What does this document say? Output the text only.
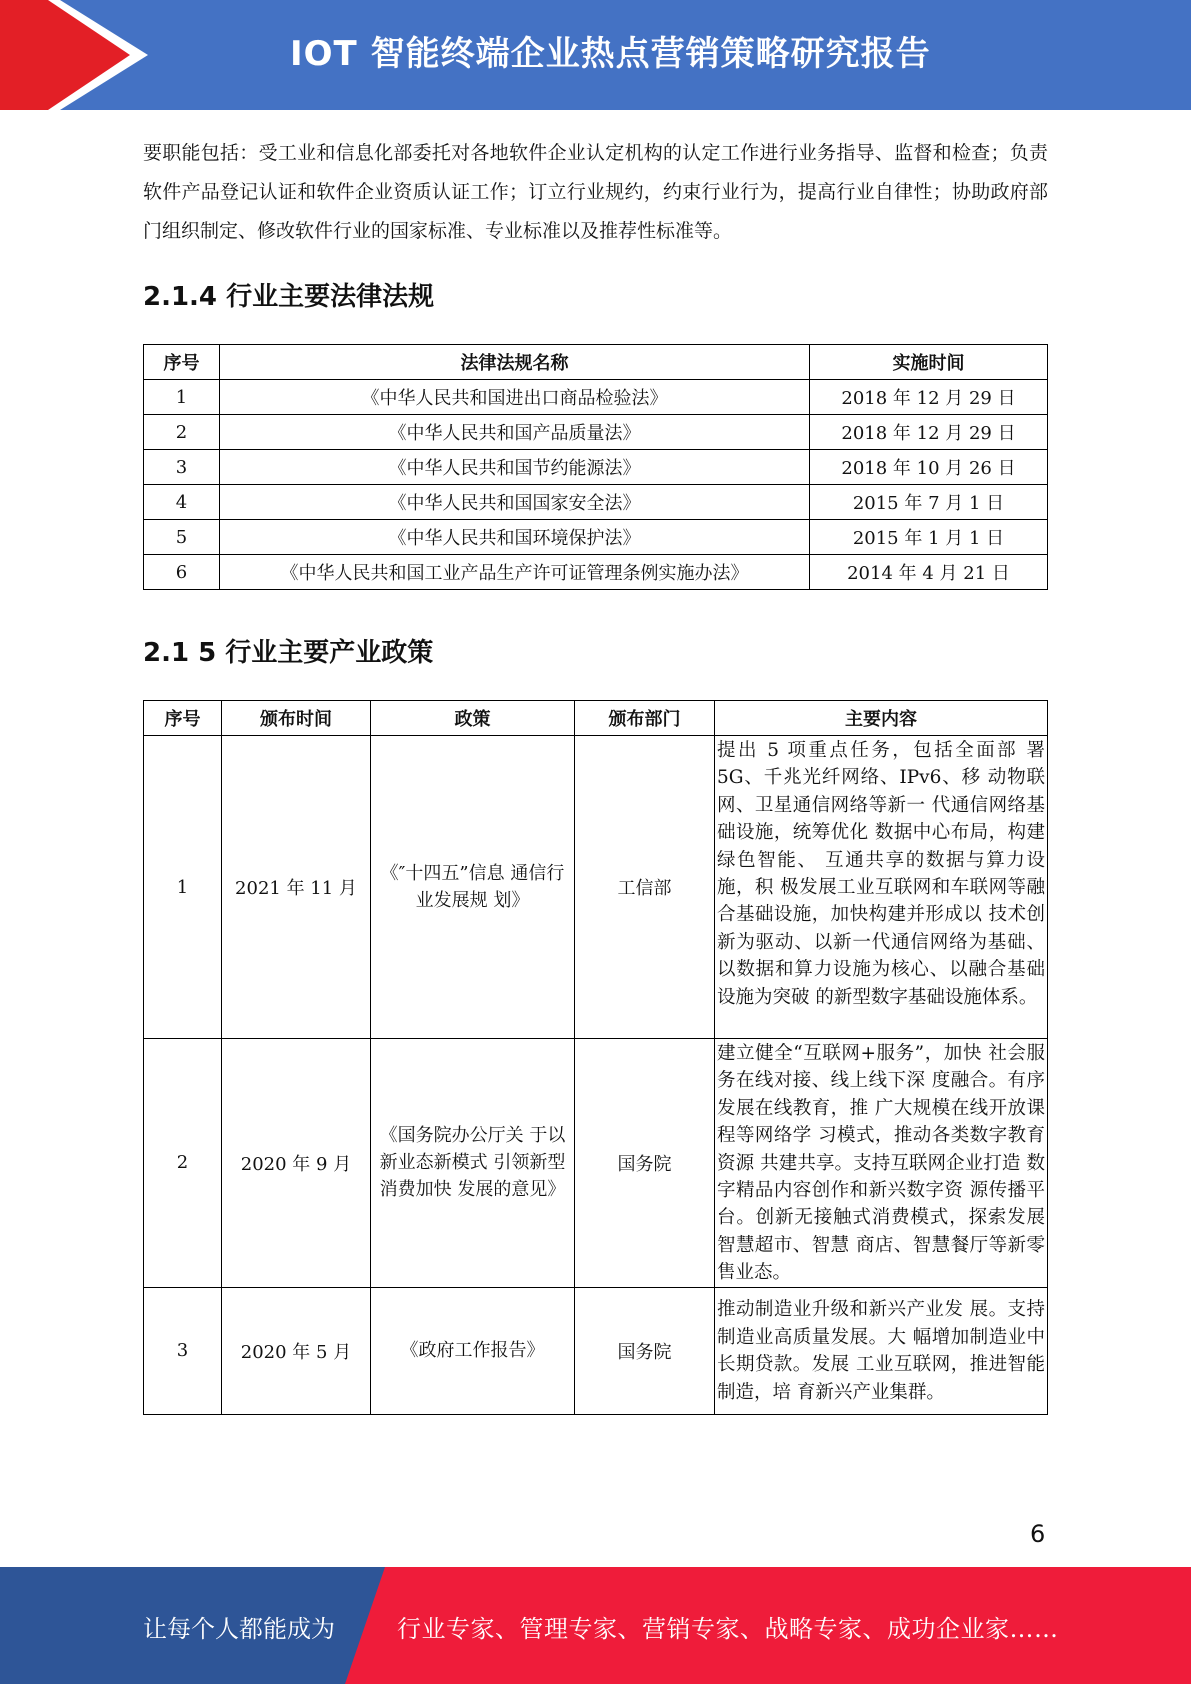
IOT 智能终端企业热点营销策略研究报告

要职能包括：受工业和信息化部委托对各地软件企业认定机构的认定工作进行业务指导、监督和检查；负责软件产品登记认证和软件企业资质认证工作；订立行业规约，约束行业行为，提高行业自律性；协助政府部门组织制定、修改软件行业的国家标准、专业标准以及推荐性标准等。

2.1.4 行业主要法律法规
序号	法律法规名称	实施时间
1	《中华人民共和国进出口商品检验法》	2018 年 12 月 29 日
2	《中华人民共和国产品质量法》	2018 年 12 月 29 日
3	《中华人民共和国节约能源法》	2018 年 10 月 26 日
4	《中华人民共和国国家安全法》	2015 年 7 月 1 日
5	《中华人民共和国环境保护法》	2015 年 1 月 1 日
6	《中华人民共和国工业产品生产许可证管理条例实施办法》	2014 年 4 月 21 日
2.1 5 行业主要产业政策
序号	颁布时间	政策	颁布部门	主要内容
1	2021 年 11 月	《″十四五”信息 通信行业发展规 划》	工信部	提出 5 项重点任务，包括全面部 署 5G、千兆光纤网络、IPv6、移 动物联网、卫星通信网络等新一 代通信网络基础设施，统筹优化 数据中心布局，构建绿色智能、 互通共享的数据与算力设施，积 极发展工业互联网和车联网等融 合基础设施，加快构建并形成以 技术创新为驱动、以新一代通信网络为基础、以数据和算力设施为核心、以融合基础设施为突破 的新型数字基础设施体系。
2	2020 年 9 月	《国务院办公厅关 于以新业态新模式 引领新型消费加快 发展的意见》	国务院	建立健全“互联网+服务”，加快 社会服务在线对接、线上线下深 度融合。有序发展在线教育，推 广大规模在线开放课程等网络学 习模式，推动各类数字教育资源 共建共享。支持互联网企业打造 数字精品内容创作和新兴数字资 源传播平台。创新无接触式消费模式，探索发展智慧超市、智慧 商店、智慧餐厅等新零售业态。
3	2020 年 5 月	《政府工作报告》	国务院	推动制造业升级和新兴产业发 展。支持制造业高质量发展。大 幅增加制造业中长期贷款。发展 工业互联网，推进智能制造，培 育新兴产业集群。
6
让每个人都能成为	行业专家、管理专家、营销专家、战略专家、成功企业家……
